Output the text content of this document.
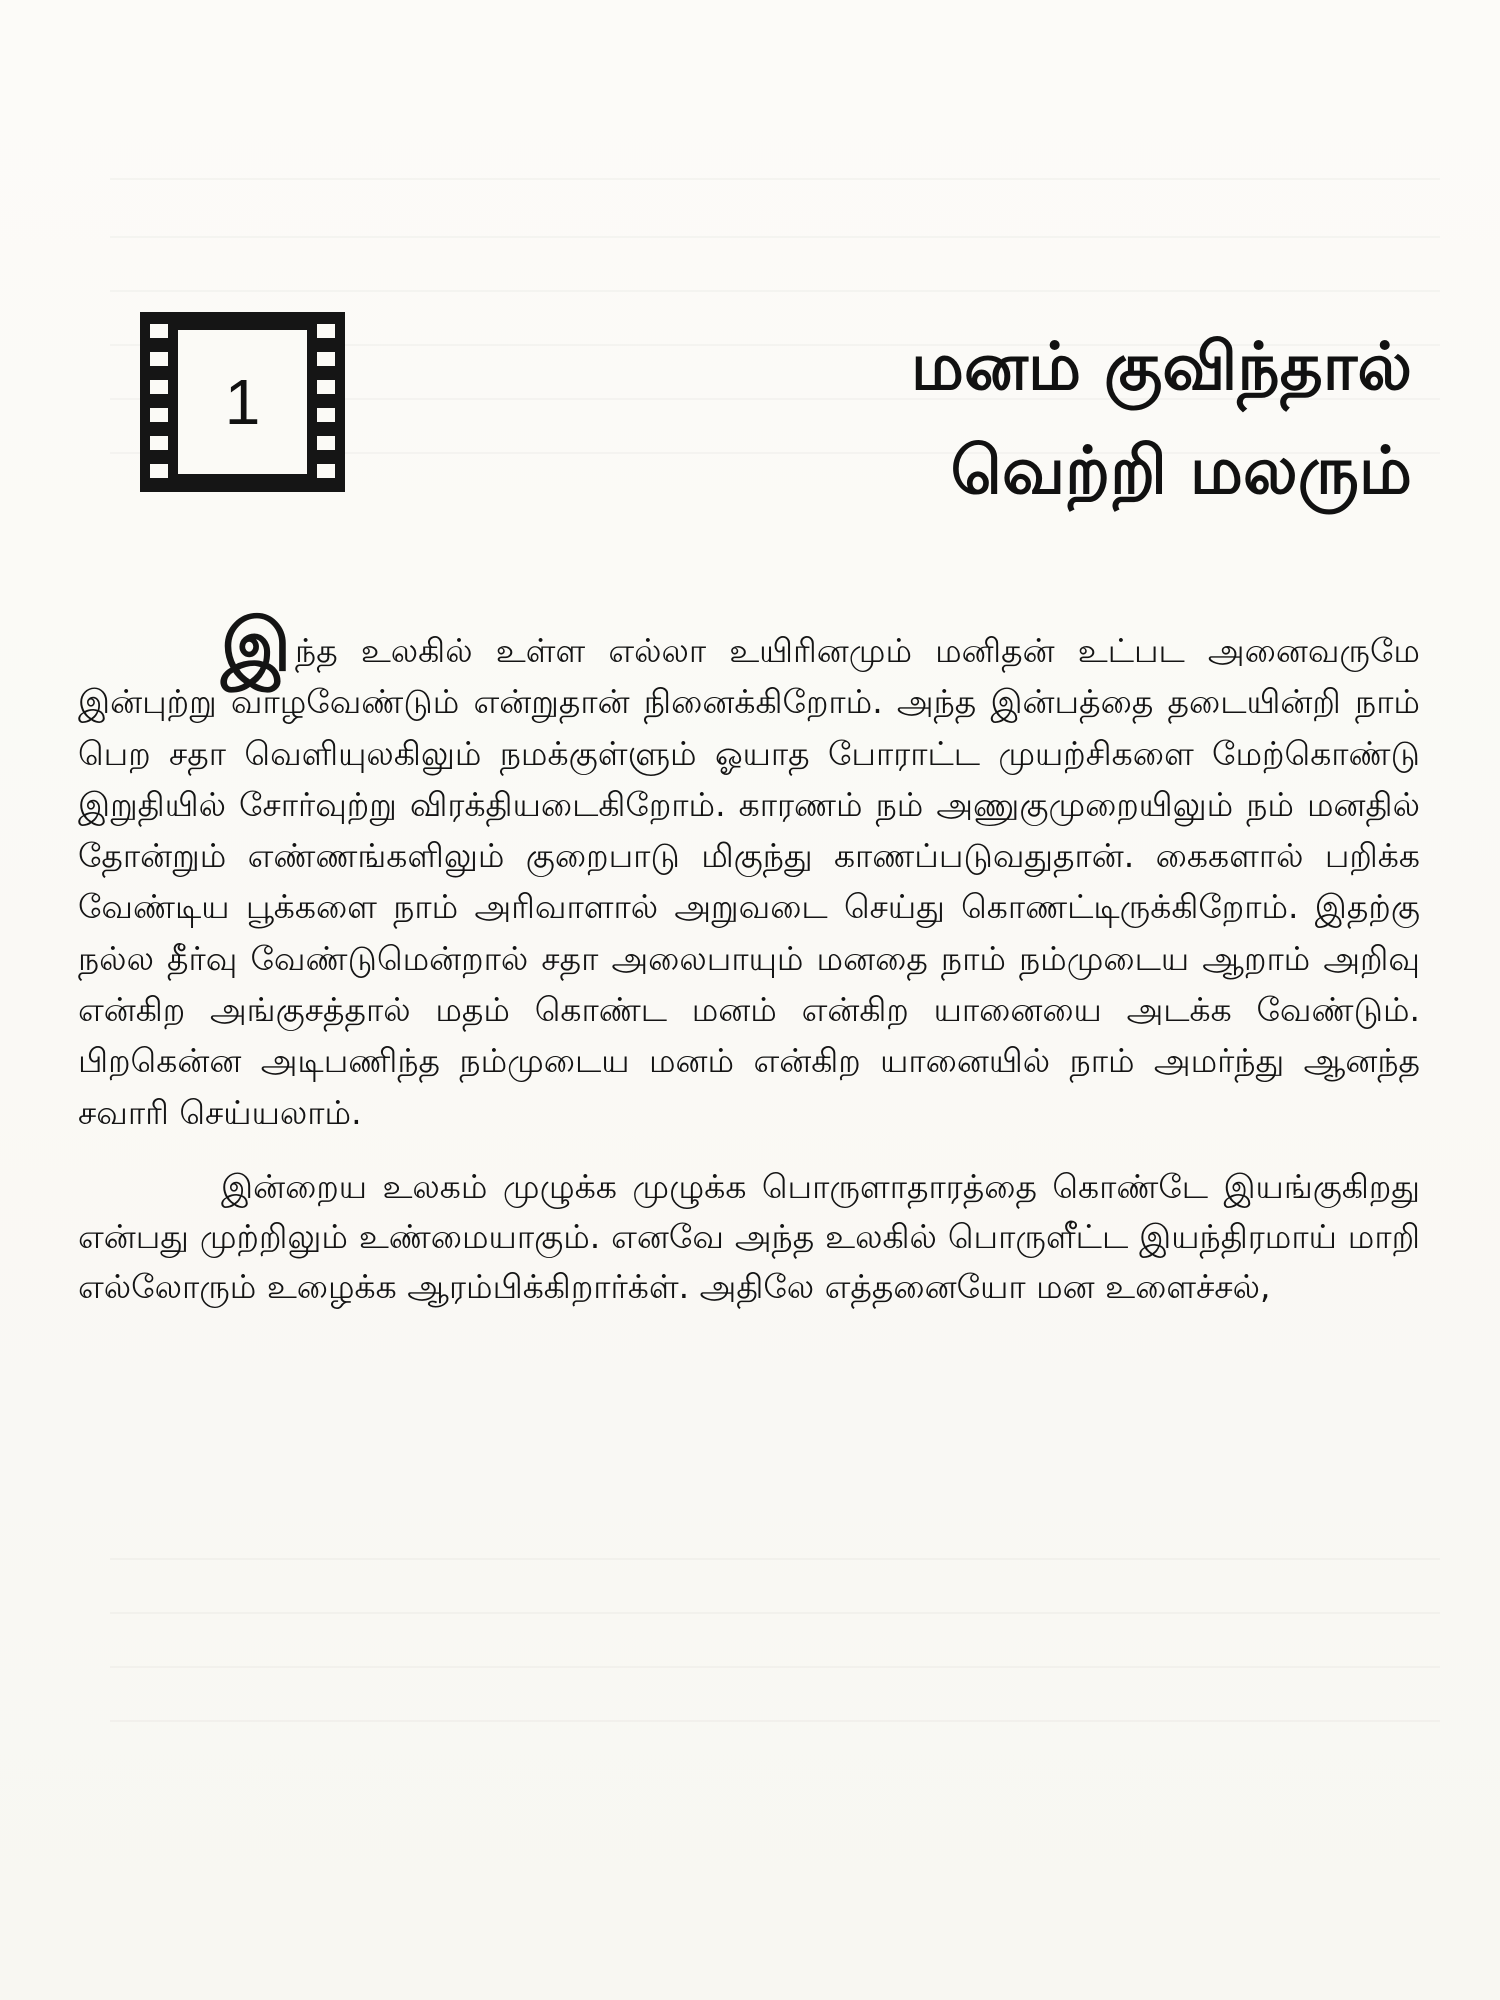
1	மனம் குவிந்தால்
வெற்றி மலரும்

இந்த உலகில் உள்ள எல்லா உயிரினமும் மனிதன் உட்பட அனைவருமே இன்புற்று வாழவேண்டும் என்றுதான் நினைக்கிறோம். அந்த இன்பத்தை தடையின்றி நாம் பெற சதா வெளியுலகிலும் நமக்குள்ளும் ஓயாத போராட்ட முயற்சிகளை மேற்கொண்டு இறுதியில் சோர்வுற்று விரக்தியடைகிறோம். காரணம் நம் அணுகுமுறையிலும் நம் மனதில் தோன்றும் எண்ணங்களிலும் குறைபாடு மிகுந்து காணப்படுவதுதான். கைகளால் பறிக்க வேண்டிய பூக்களை நாம் அரிவாளால் அறுவடை செய்து கொணட்டிருக்கிறோம். இதற்கு நல்ல தீர்வு வேண்டுமென்றால் சதா அலைபாயும் மனதை நாம் நம்முடைய ஆறாம் அறிவு என்கிற அங்குசத்தால் மதம் கொண்ட மனம் என்கிற யானையை அடக்க வேண்டும். பிறகென்ன அடிபணிந்த நம்முடைய மனம் என்கிற யானையில் நாம் அமர்ந்து ஆனந்த சவாரி செய்யலாம்.

இன்றைய உலகம் முழுக்க முழுக்க பொருளாதாரத்தை கொண்டே இயங்குகிறது என்பது முற்றிலும் உண்மையாகும். எனவே அந்த உலகில் பொருளீட்ட இயந்திரமாய் மாறி எல்லோரும் உழைக்க ஆரம்பிக்கிறார்க்ள். அதிலே எத்தனையோ மன உளைச்சல்,
